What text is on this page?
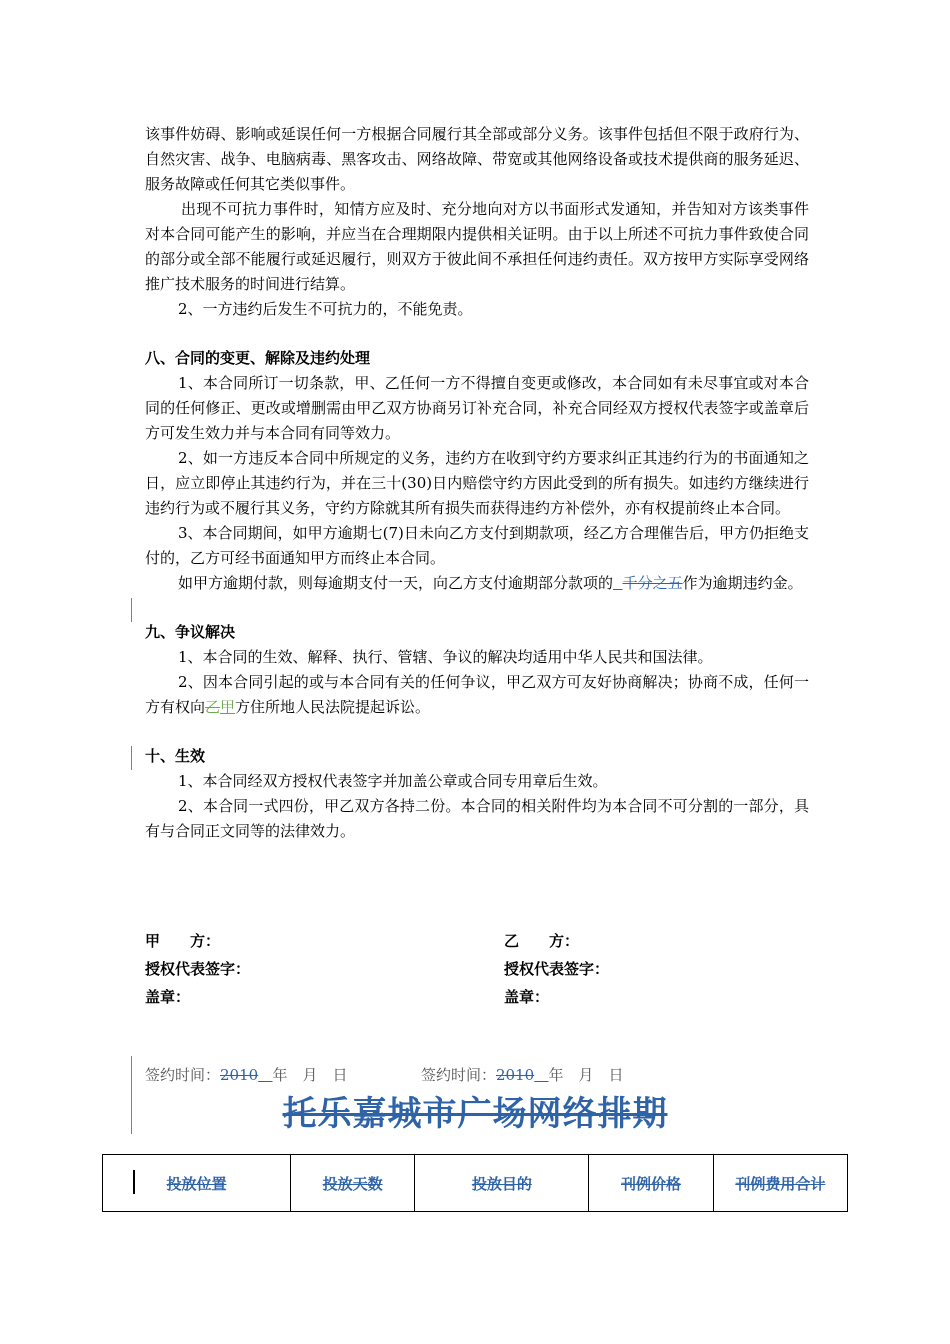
该事件妨碍、影响或延误任何一方根据合同履行其全部或部分义务。该事件包括但不限于政府行为、自然灾害、战争、电脑病毒、黑客攻击、网络故障、带宽或其他网络设备或技术提供商的服务延迟、服务故障或任何其它类似事件。

出现不可抗力事件时，知情方应及时、充分地向对方以书面形式发通知，并告知对方该类事件对本合同可能产生的影响，并应当在合理期限内提供相关证明。由于以上所述不可抗力事件致使合同的部分或全部不能履行或延迟履行，则双方于彼此间不承担任何违约责任。双方按甲方实际享受网络推广技术服务的时间进行结算。

2、一方违约后发生不可抗力的，不能免责。

八、合同的变更、解除及违约处理

1、本合同所订一切条款，甲、乙任何一方不得擅自变更或修改，本合同如有未尽事宜或对本合同的任何修正、更改或增删需由甲乙双方协商另订补充合同，补充合同经双方授权代表签字或盖章后方可发生效力并与本合同有同等效力。

2、如一方违反本合同中所规定的义务，违约方在收到守约方要求纠正其违约行为的书面通知之日，应立即停止其违约行为，并在三十(30)日内赔偿守约方因此受到的所有损失。如违约方继续进行违约行为或不履行其义务，守约方除就其所有损失而获得违约方补偿外，亦有权提前终止本合同。

3、本合同期间，如甲方逾期七(7)日未向乙方支付到期款项，经乙方合理催告后，甲方仍拒绝支付的，乙方可经书面通知甲方而终止本合同。

如甲方逾期付款，则每逾期支付一天，向乙方支付逾期部分款项的 千分之五作为逾期违约金。

九、争议解决

1、本合同的生效、解释、执行、管辖、争议的解决均适用中华人民共和国法律。

2、因本合同引起的或与本合同有关的任何争议，甲乙双方可友好协商解决；协商不成，任何一方有权向乙甲方住所地人民法院提起诉讼。

十、生效

1、本合同经双方授权代表签字并加盖公章或合同专用章后生效。

2、本合同一式四份，甲乙双方各持二份。本合同的相关附件均为本合同不可分割的一部分，具有与合同正文同等的法律效力。

甲　　方：	乙　　方：
授权代表签字：	授权代表签字：
盖章：	盖章：
签约时间：2010 年　月　日	签约时间：2010 年　月　日
托乐嘉城市广场网络排期
投放位置	投放天数	投放目的	刊例价格	刊例费用合计
